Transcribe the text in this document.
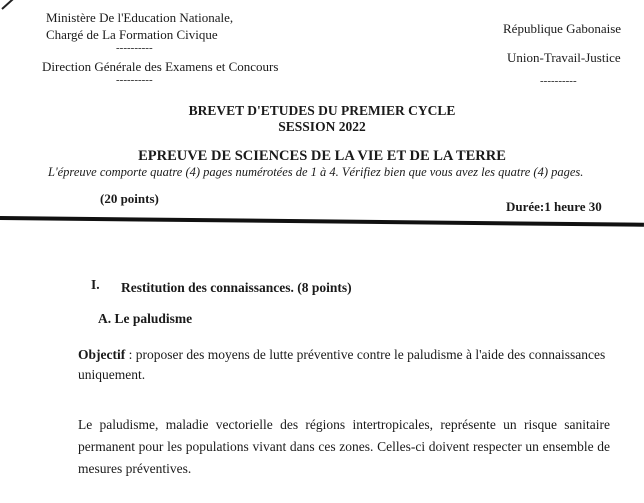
Ministère De l'Education Nationale,
Chargé de La Formation Civique
----------
Direction Générale des Examens et Concours
----------
République Gabonaise
Union-Travail-Justice
----------
BREVET D'ETUDES DU PREMIER CYCLE
SESSION 2022
EPREUVE DE SCIENCES DE LA VIE ET DE LA TERRE
L'épreuve comporte quatre (4) pages numérotées de 1 à 4. Vérifiez bien que vous avez les quatre (4) pages.
(20 points)
Durée:1 heure 30
I. Restitution des connaissances. (8 points)
A. Le paludisme
Objectif : proposer des moyens de lutte préventive contre le paludisme à l'aide des connaissances
uniquement.
Le paludisme, maladie vectorielle des régions intertropicales, représente un risque sanitaire permanent pour les populations vivant dans ces zones. Celles-ci doivent respecter un ensemble de mesures préventives.
